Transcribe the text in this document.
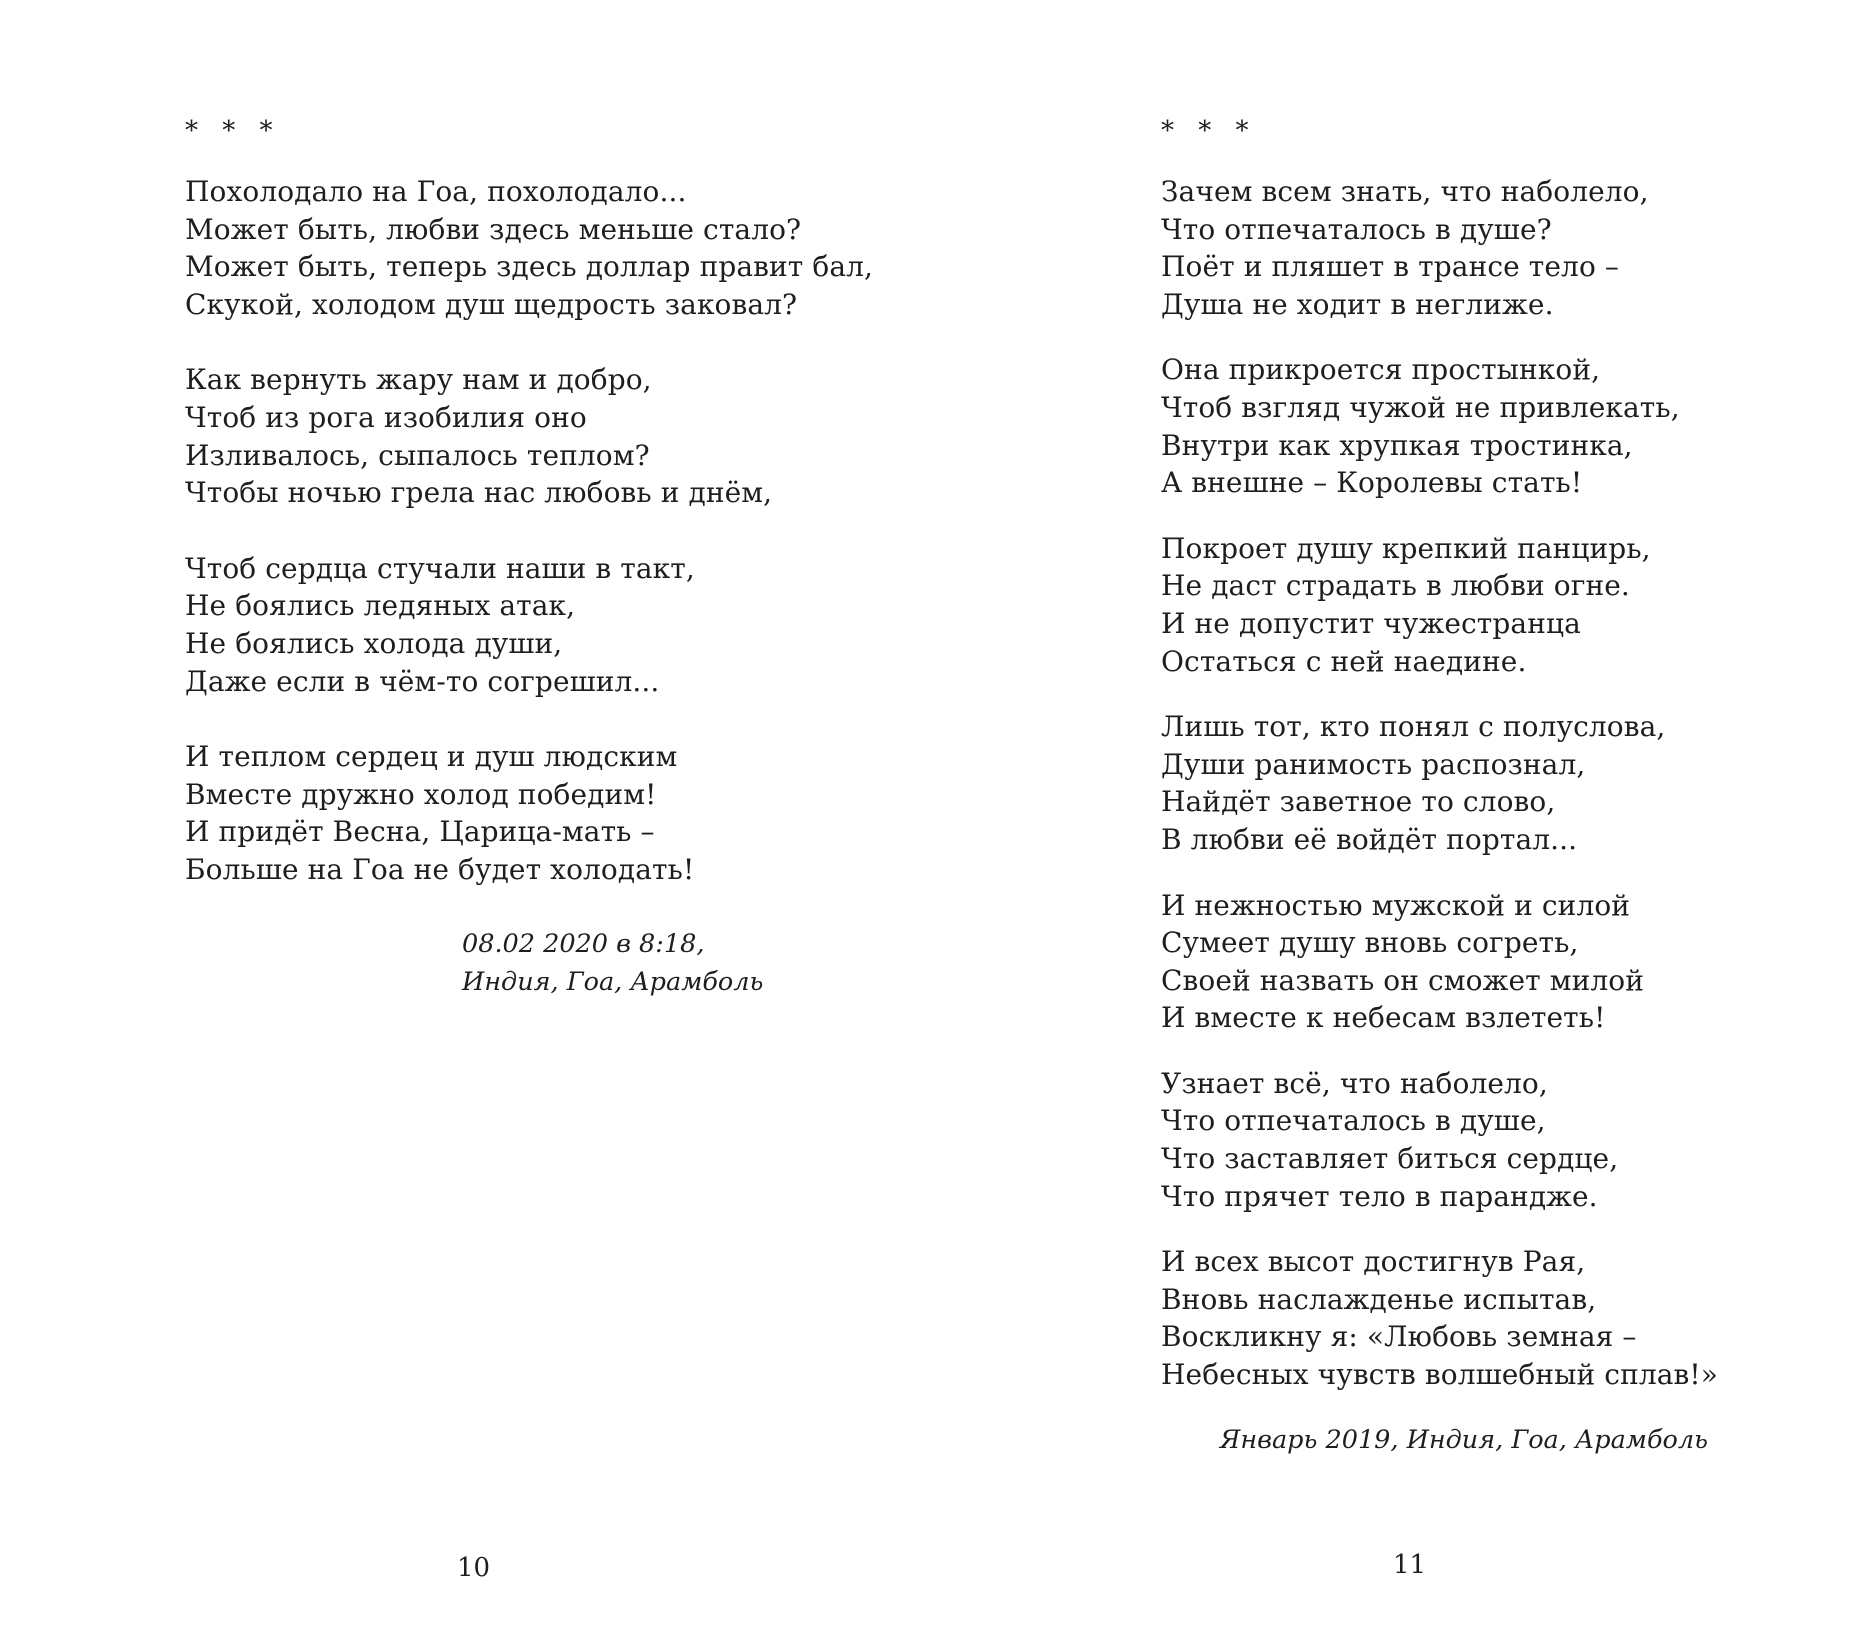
* * *
Похолодало на Гоа, похолодало...
Может быть, любви здесь меньше стало?
Может быть, теперь здесь доллар правит бал,
Скукой, холодом душ щедрость заковал?
Как вернуть жару нам и добро,
Чтоб из рога изобилия оно
Изливалось, сыпалось теплом?
Чтобы ночью грела нас любовь и днём,
Чтоб сердца стучали наши в такт,
Не боялись ледяных атак,
Не боялись холода души,
Даже если в чём-то согрешил...
И теплом сердец и душ людским
Вместе дружно холод победим!
И придёт Весна, Царица-мать –
Больше на Гоа не будет холодать!
08.02 2020 в 8:18,
Индия, Гоа, Арамболь
10
* * *
Зачем всем знать, что наболело,
Что отпечаталось в душе?
Поёт и пляшет в трансе тело –
Душа не ходит в неглиже.
Она прикроется простынкой,
Чтоб взгляд чужой не привлекать,
Внутри как хрупкая тростинка,
А внешне – Королевы стать!
Покроет душу крепкий панцирь,
Не даст страдать в любви огне.
И не допустит чужестранца
Остаться с ней наедине.
Лишь тот, кто понял с полуслова,
Души ранимость распознал,
Найдёт заветное то слово,
В любви её войдёт портал...
И нежностью мужской и силой
Сумеет душу вновь согреть,
Своей назвать он сможет милой
И вместе к небесам взлететь!
Узнает всё, что наболело,
Что отпечаталось в душе,
Что заставляет биться сердце,
Что прячет тело в парандже.
И всех высот достигнув Рая,
Вновь наслажденье испытав,
Воскликну я: «Любовь земная –
Небесных чувств волшебный сплав!»
Январь 2019, Индия, Гоа, Арамболь
11
